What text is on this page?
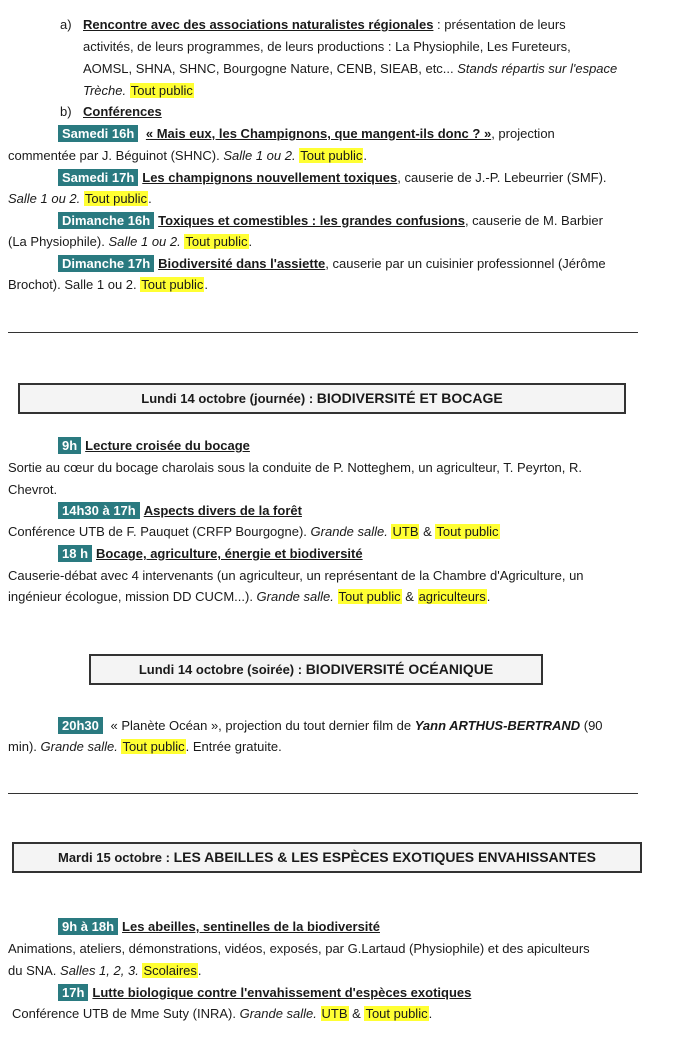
a) Rencontre avec des associations naturalistes régionales : présentation de leurs
activités, de leurs programmes, de leurs productions : La Physiophile, Les Fureteurs,
AOMSL, SHNA, SHNC, Bourgogne Nature, CENB, SIEAB, etc... Stands répartis sur l'espace
Trèche. Tout public
b) Conférences
Samedi 16h « Mais eux, les Champignons, que mangent-ils donc ? », projection
commentée par J. Béguinot (SHNC). Salle 1 ou 2. Tout public.
Samedi 17h Les champignons nouvellement toxiques, causerie de J.-P. Lebeurrier (SMF).
Salle 1 ou 2. Tout public.
Dimanche 16h Toxiques et comestibles : les grandes confusions, causerie de M. Barbier
(La Physiophile). Salle 1 ou 2. Tout public.
Dimanche 17h Biodiversité dans l'assiette, causerie par un cuisinier professionnel (Jérôme
Brochot). Salle 1 ou 2. Tout public.
Lundi 14 octobre (journée) : BIODIVERSITÉ ET BOCAGE
9h Lecture croisée du bocage
Sortie au cœur du bocage charolais sous la conduite de P. Notteghem, un agriculteur, T. Peyrton, R.
Chevrot.
14h30 à 17h Aspects divers de la forêt
Conférence UTB de F. Pauquet (CRFP Bourgogne). Grande salle. UTB & Tout public
18 h Bocage, agriculture, énergie et biodiversité
Causerie-débat avec 4 intervenants (un agriculteur, un représentant de la Chambre d'Agriculture, un
ingénieur écologue, mission DD CUCM...). Grande salle. Tout public & agriculteurs.
Lundi 14 octobre (soirée) : BIODIVERSITÉ OCÉANIQUE
20h30 « Planète Océan », projection du tout dernier film de Yann ARTHUS-BERTRAND (90
min). Grande salle. Tout public. Entrée gratuite.
Mardi 15 octobre : LES ABEILLES & LES ESPÈCES EXOTIQUES ENVAHISSANTES
9h à 18h Les abeilles, sentinelles de la biodiversité
Animations, ateliers, démonstrations, vidéos, exposés, par G.Lartaud (Physiophile) et des apiculteurs
du SNA. Salles 1, 2, 3. Scolaires.
17h Lutte biologique contre l'envahissement d'espèces exotiques
Conférence UTB de Mme Suty (INRA). Grande salle. UTB & Tout public.
